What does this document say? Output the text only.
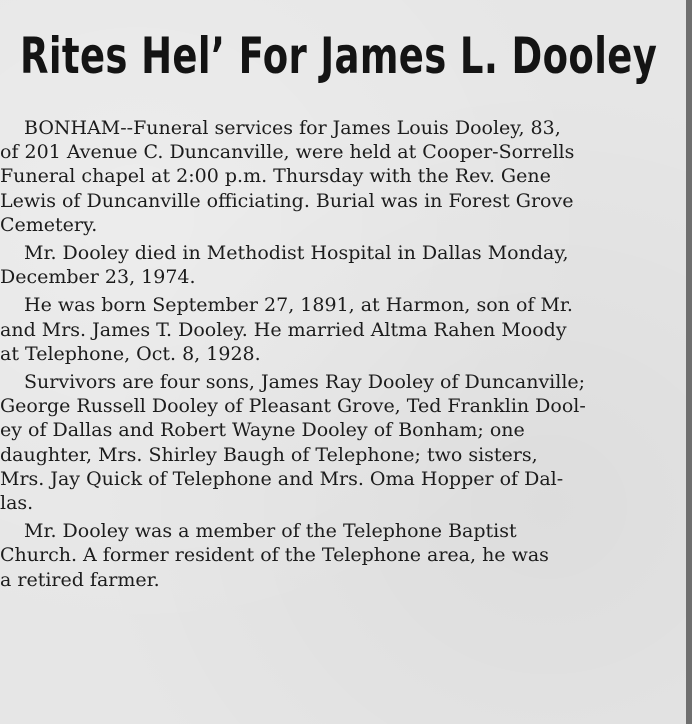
Rites Helʼ For James L. Dooley

BONHAM--Funeral services for James Louis Dooley, 83,
of 201 Avenue C. Duncanville, were held at Cooper-Sorrells
Funeral chapel at 2:00 p.m. Thursday with the Rev. Gene
Lewis of Duncanville officiating. Burial was in Forest Grove
Cemetery.

Mr. Dooley died in Methodist Hospital in Dallas Monday,
December 23, 1974.

He was born September 27, 1891, at Harmon, son of Mr.
and Mrs. James T. Dooley. He married Altma Rahen Moody
at Telephone, Oct. 8, 1928.

Survivors are four sons, James Ray Dooley of Duncanville;
George Russell Dooley of Pleasant Grove, Ted Franklin Dool-
ey of Dallas and Robert Wayne Dooley of Bonham; one
daughter, Mrs. Shirley Baugh of Telephone; two sisters,
Mrs. Jay Quick of Telephone and Mrs. Oma Hopper of Dal-
las.

Mr. Dooley was a member of the Telephone Baptist
Church. A former resident of the Telephone area, he was
a retired farmer.
